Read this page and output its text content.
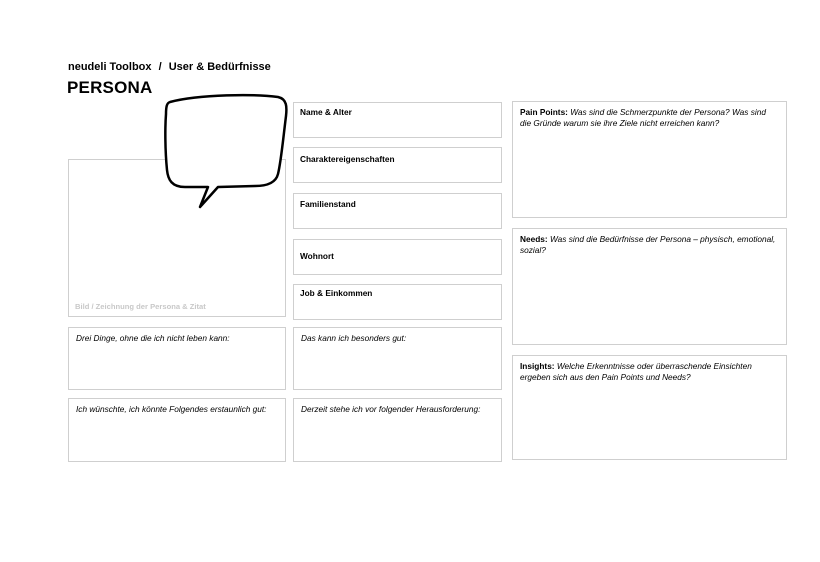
neudeli Toolbox / User & Bedürfnisse
PERSONA
Bild / Zeichnung der Persona & Zitat
Name & Alter
Charaktereigenschaften
Familienstand
Wohnort
Job & Einkommen
Drei Dinge, ohne die ich nicht leben kann:	Das kann ich besonders gut:
Ich wünschte, ich könnte Folgendes erstaunlich gut:	Derzeit stehe ich vor folgender Herausforderung:
Pain Points: Was sind die Schmerzpunkte der Persona? Was sind die Gründe warum sie ihre Ziele nicht erreichen kann?
Needs: Was sind die Bedürfnisse der Persona – physisch, emotional, sozial?
Insights: Welche Erkenntnisse oder überraschende Einsichten ergeben sich aus den Pain Points und Needs?
